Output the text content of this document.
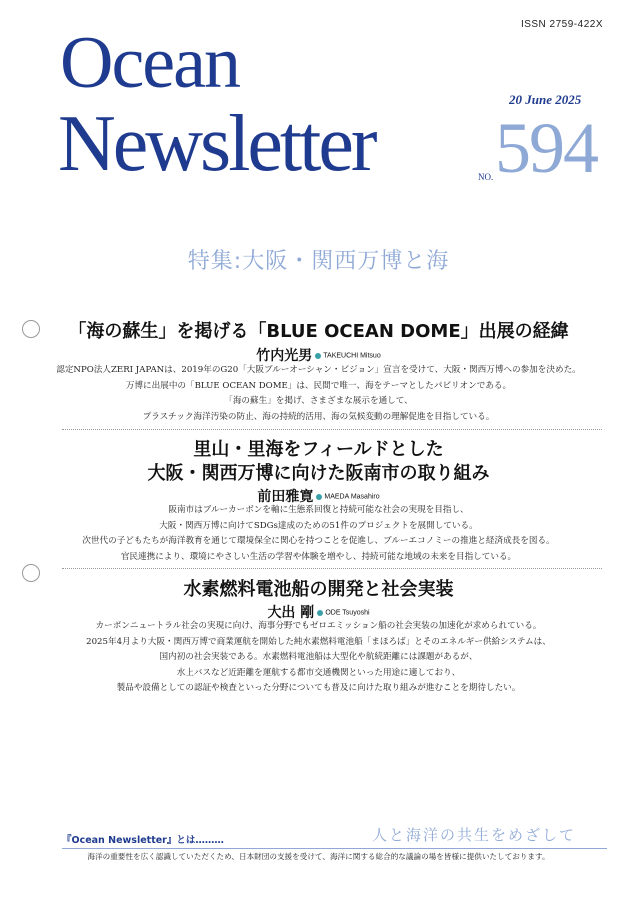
ISSN 2759-422X
Ocean
Newsletter
20 June 2025
NO. 594
特集:大阪・関西万博と海
「海の蘇生」を掲げる「BLUE OCEAN DOME」出展の経緯
竹内光男 TAKEUCHI Mitsuo
認定NPO法人ZERI JAPANは、2019年のG20「大阪ブルーオーシャン・ビジョン」宣言を受けて、大阪・関西万博への参加を決めた。
万博に出展中の「BLUE OCEAN DOME」は、民間で唯一、海をテーマとしたパビリオンである。
「海の蘇生」を掲げ、さまざまな展示を通して、
プラスチック海洋汚染の防止、海の持続的活用、海の気候変動の理解促進を目指している。
里山・里海をフィールドとした
大阪・関西万博に向けた阪南市の取り組み
前田雅寛 MAEDA Masahiro
阪南市はブルーカーボンを軸に生態系回復と持続可能な社会の実現を目指し、
大阪・関西万博に向けてSDGs達成のための51件のプロジェクトを展開している。
次世代の子どもたちが海洋教育を通じて環境保全に関心を持つことを促進し、ブルーエコノミーの推進と経済成長を図る。
官民連携により、環境にやさしい生活の学習や体験を増やし、持続可能な地域の未来を目指している。
水素燃料電池船の開発と社会実装
大出 剛 ODE Tsuyoshi
カーボンニュートラル社会の実現に向け、海事分野でもゼロエミッション船の社会実装の加速化が求められている。
2025年4月より大阪・関西万博で商業運航を開始した純水素燃料電池船「まほろば」とそのエネルギー供給システムは、
国内初の社会実装である。水素燃料電池船は大型化や航続距離には課題があるが、
水上バスなど近距離を運航する都市交通機関といった用途に適しており、
製品や設備としての認証や検査といった分野についても普及に向けた取り組みが進むことを期待したい。
『Ocean Newsletter』とは………	人と海洋の共生をめざして
海洋の重要性を広く認識していただくため、日本財団の支援を受けて、海洋に関する総合的な議論の場を皆様に提供いたしております。
